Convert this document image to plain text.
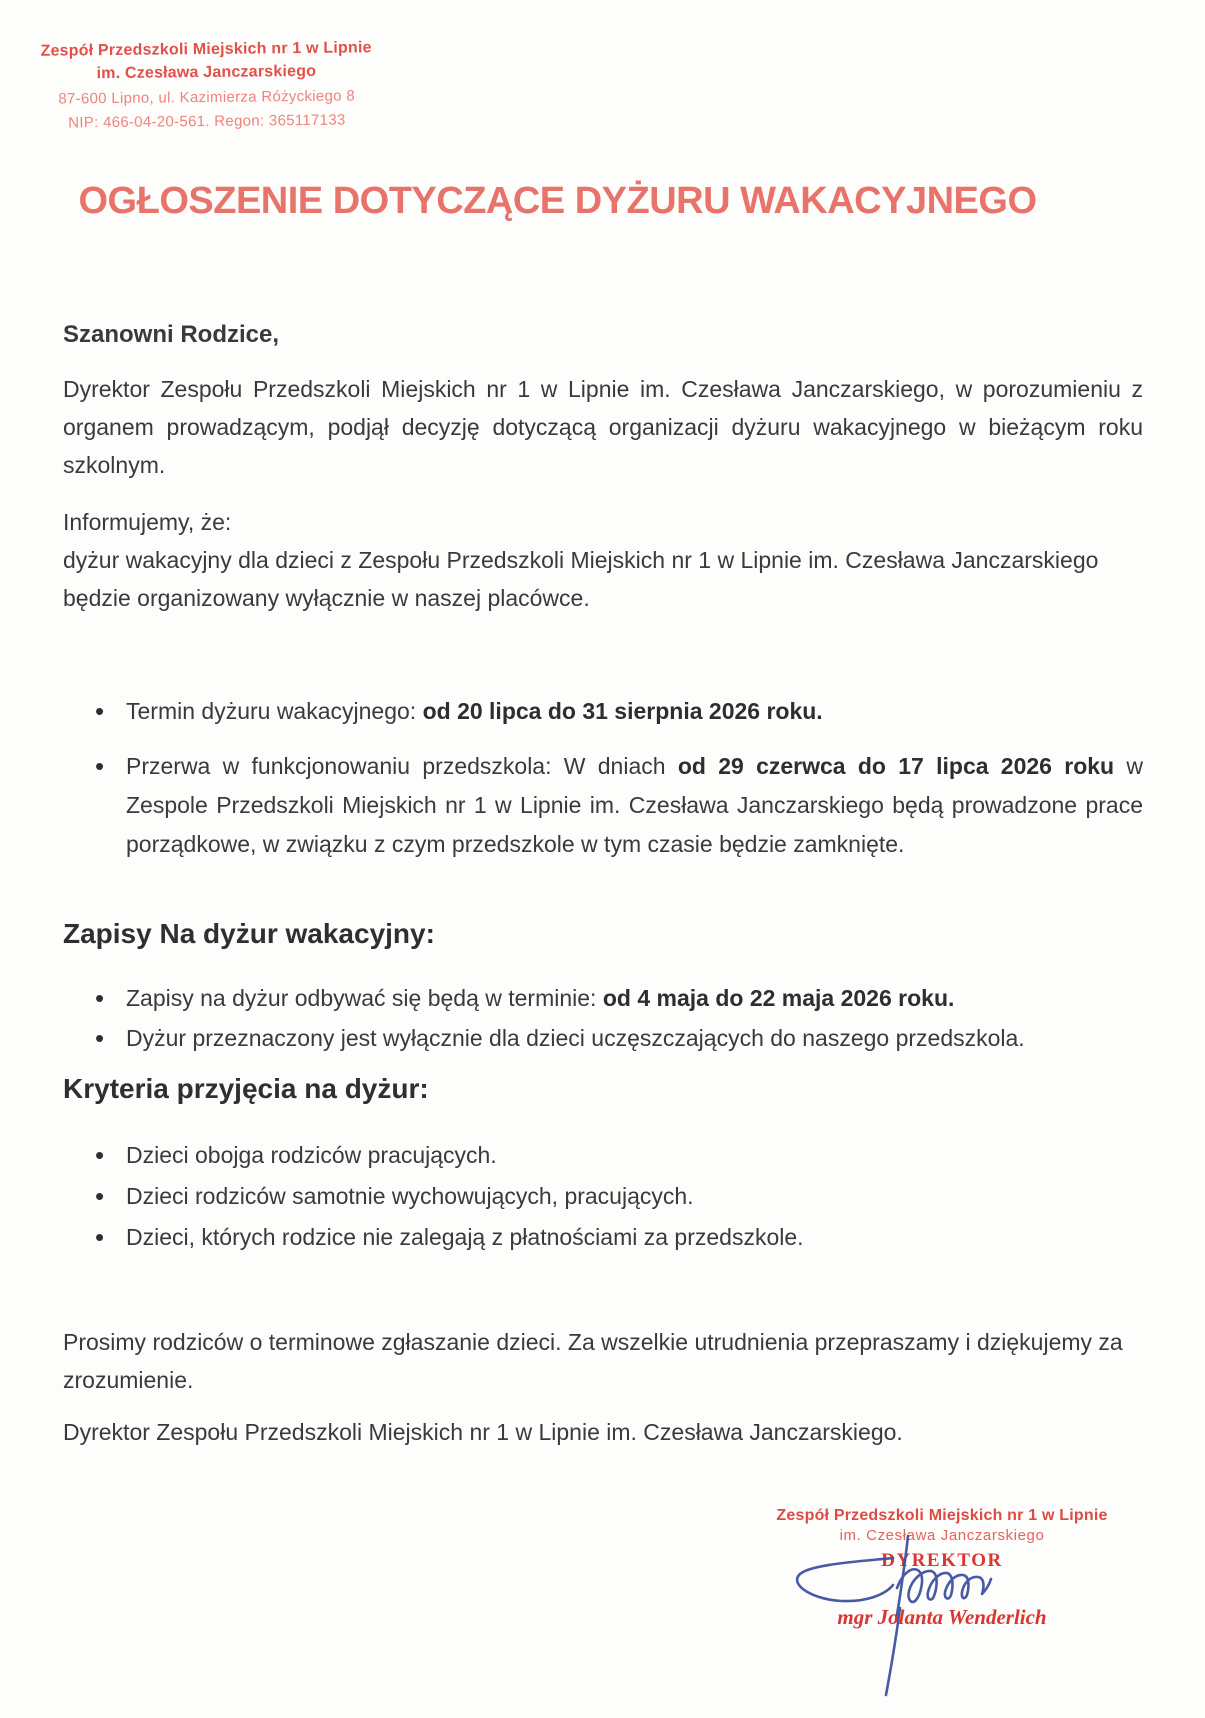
Zespół Przedszkoli Miejskich nr 1 w Lipnie
im. Czesława Janczarskiego
87-600 Lipno, ul. Kazimierza Różyckiego 8
NIP: 466-04-20-561. Regon: 365117133
OGŁOSZENIE DOTYCZĄCE DYŻURU WAKACYJNEGO

Szanowni Rodzice,

Dyrektor Zespołu Przedszkoli Miejskich nr 1 w Lipnie im. Czesława Janczarskiego, w porozumieniu z organem prowadzącym, podjął decyzję dotyczącą organizacji dyżuru wakacyjnego w bieżącym roku szkolnym.

Informujemy, że:
dyżur wakacyjny dla dzieci z Zespołu Przedszkoli Miejskich nr 1 w Lipnie im. Czesława Janczarskiego będzie organizowany wyłącznie w naszej placówce.
• Termin dyżuru wakacyjnego: od 20 lipca do 31 sierpnia 2026 roku.
• Przerwa w funkcjonowaniu przedszkola: W dniach od 29 czerwca do 17 lipca 2026 roku w Zespole Przedszkoli Miejskich nr 1 w Lipnie im. Czesława Janczarskiego będą prowadzone prace porządkowe, w związku z czym przedszkole w tym czasie będzie zamknięte.
Zapisy Na dyżur wakacyjny:
• Zapisy na dyżur odbywać się będą w terminie: od 4 maja do 22 maja 2026 roku.
• Dyżur przeznaczony jest wyłącznie dla dzieci uczęszczających do naszego przedszkola.
Kryteria przyjęcia na dyżur:
• Dzieci obojga rodziców pracujących.
• Dzieci rodziców samotnie wychowujących, pracujących.
• Dzieci, których rodzice nie zalegają z płatnościami za przedszkole.

Prosimy rodziców o terminowe zgłaszanie dzieci. Za wszelkie utrudnienia przepraszamy i dziękujemy za zrozumienie.

Dyrektor Zespołu Przedszkoli Miejskich nr 1 w Lipnie im. Czesława Janczarskiego.

Zespół Przedszkoli Miejskich nr 1 w Lipnie
im. Czesława Janczarskiego
DYREKTOR
mgr Jolanta Wenderlich
